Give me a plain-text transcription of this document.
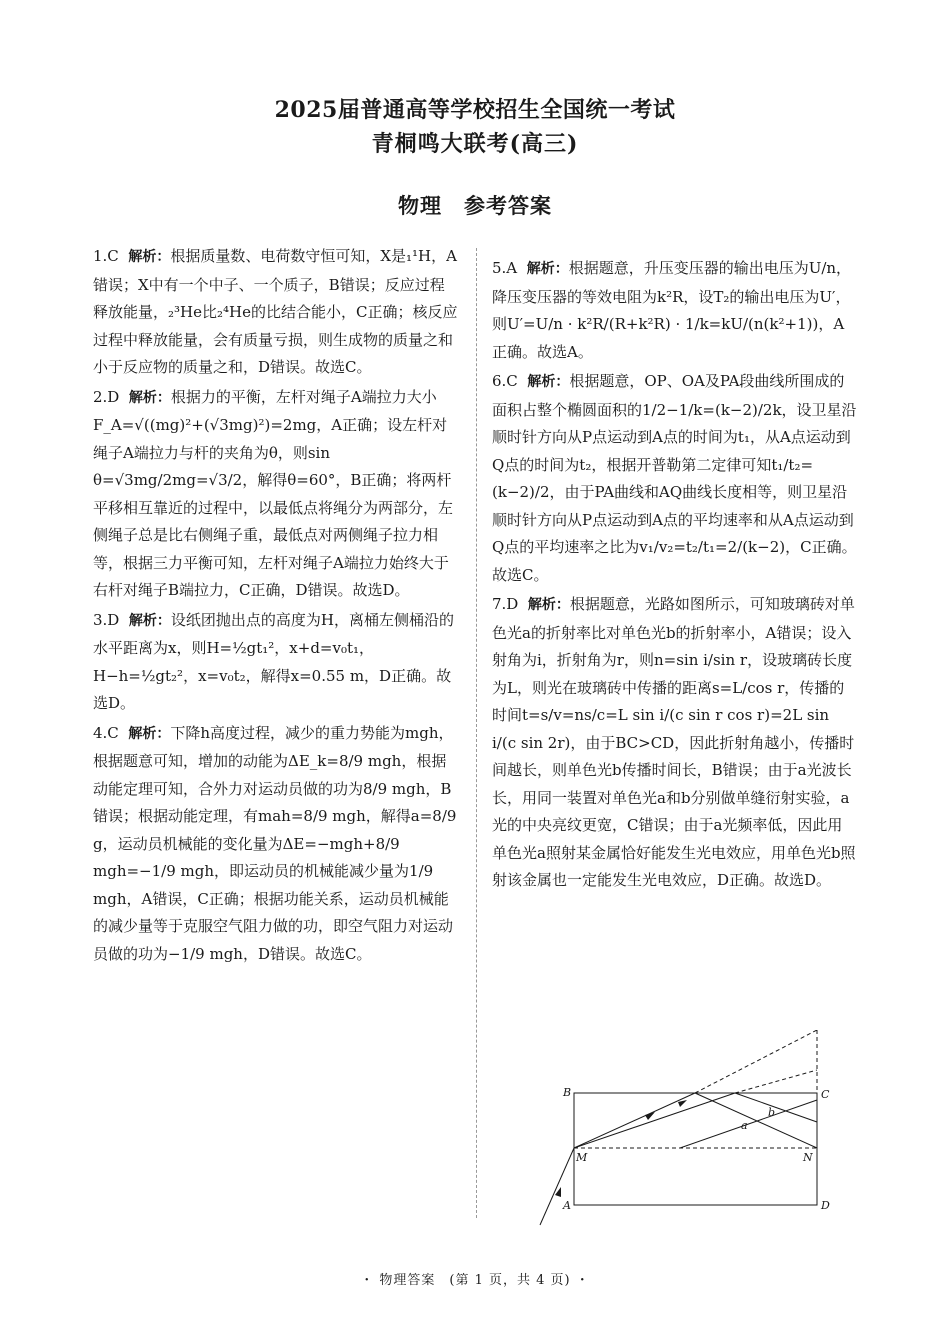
2025届普通高等学校招生全国统一考试
青桐鸣大联考(高三)
物理　参考答案
1.C 解析：根据质量数、电荷数守恒可知，X是₁¹H，A错误；X中有一个中子、一个质子，B错误；反应过程释放能量，₂³He比₂⁴He的比结合能小，C正确；核反应过程中释放能量，会有质量亏损，则生成物的质量之和小于反应物的质量之和，D错误。故选C。
2.D 解析：根据力的平衡，左杆对绳子A端拉力大小F_A=√((mg)²+(√3mg)²)=2mg，A正确；设左杆对绳子A端拉力与杆的夹角为θ，则sin θ=√3mg/2mg=√3/2，解得θ=60°，B正确；将两杆平移相互靠近的过程中，以最低点将绳分为两部分，左侧绳子总是比右侧绳子重，最低点对两侧绳子拉力相等，根据三力平衡可知，左杆对绳子A端拉力始终大于右杆对绳子B端拉力，C正确，D错误。故选D。
3.D 解析：设纸团抛出点的高度为H，离桶左侧桶沿的水平距离为x，则H=½gt₁²，x+d=v₀t₁，H−h=½gt₂²，x=v₀t₂，解得x=0.55 m，D正确。故选D。
4.C 解析：下降h高度过程，减少的重力势能为mgh，根据题意可知，增加的动能为ΔE_k=8/9 mgh，根据动能定理可知，合外力对运动员做的功为8/9 mgh，B错误；根据动能定理，有mah=8/9 mgh，解得a=8/9 g，运动员机械能的变化量为ΔE=−mgh+8/9 mgh=−1/9 mgh，即运动员的机械能减少量为1/9 mgh，A错误，C正确；根据功能关系，运动员机械能的减少量等于克服空气阻力做的功，即空气阻力对运动员做的功为−1/9 mgh，D错误。故选C。
5.A 解析：根据题意，升压变压器的输出电压为U/n，降压变压器的等效电阻为k²R，设T₂的输出电压为U′，则U′=U/n · k²R/(R+k²R) · 1/k=kU/(n(k²+1))，A正确。故选A。
6.C 解析：根据题意，OP、OA及PA段曲线所围成的面积占整个椭圆面积的1/2−1/k=(k−2)/2k，设卫星沿顺时针方向从P点运动到A点的时间为t₁，从A点运动到Q点的时间为t₂，根据开普勒第二定律可知t₁/t₂=(k−2)/2，由于PA曲线和AQ曲线长度相等，则卫星沿顺时针方向从P点运动到A点的平均速率和从A点运动到Q点的平均速率之比为v₁/v₂=t₂/t₁=2/(k−2)，C正确。故选C。
7.D 解析：根据题意，光路如图所示，可知玻璃砖对单色光a的折射率比对单色光b的折射率小，A错误；设入射角为i，折射角为r，则n=sin i/sin r，设玻璃砖长度为L，则光在玻璃砖中传播的距离s=L/cos r，传播的时间t=s/v=ns/c=L sin i/(c sin r cos r)=2L sin i/(c sin 2r)，由于BC>CD，因此折射角越小，传播时间越长，则单色光b传播时间长，B错误；由于a光波长长，用同一装置对单色光a和b分别做单缝衍射实验，a光的中央亮纹更宽，C错误；由于a光频率低，因此用单色光a照射某金属恰好能发生光电效应，用单色光b照射该金属也一定能发生光电效应，D正确。故选D。
B	C
M	N
A	D
a
b
・ 物理答案　(第 1 页，共 4 页) ・
